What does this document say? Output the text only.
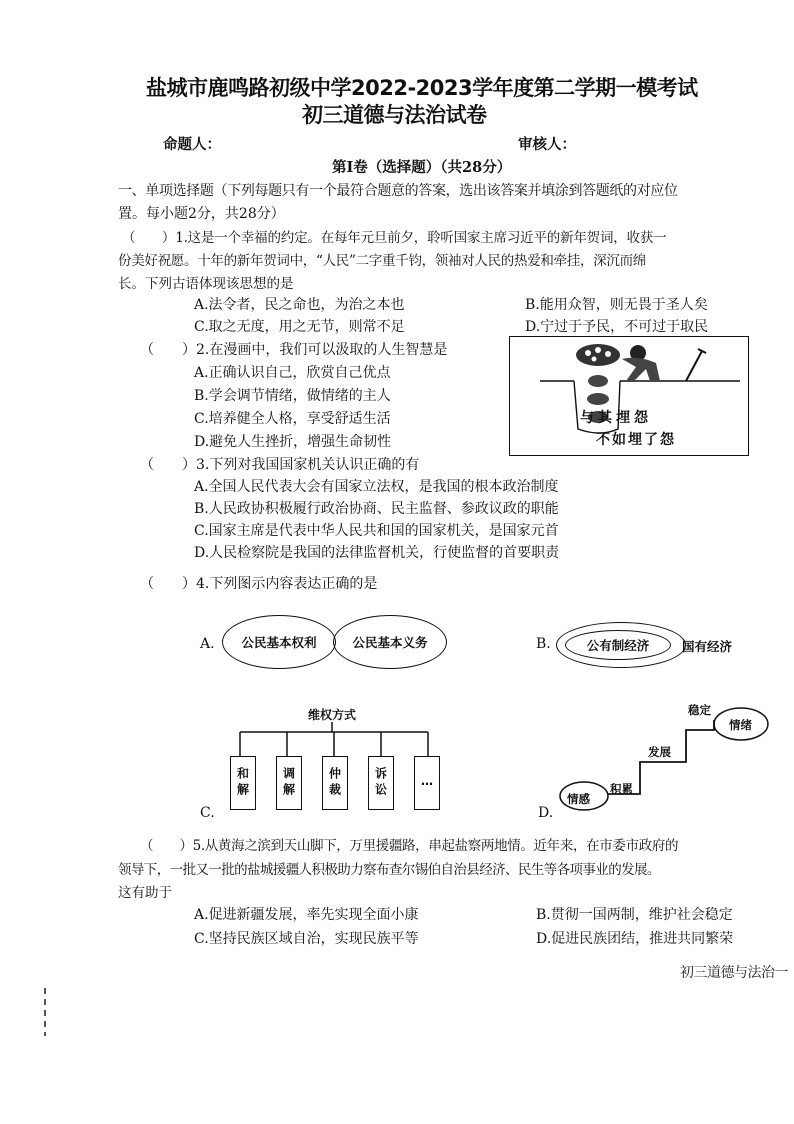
盐城市鹿鸣路初级中学2022-2023学年度第二学期一模考试
初三道德与法治试卷
命题人：	审核人：
第Ⅰ卷（选择题）（共28分）
一、单项选择题（下列每题只有一个最符合题意的答案，选出该答案并填涂到答题纸的对应位
置。每小题2分，共28分）
（　　）1.这是一个幸福的约定。在每年元旦前夕，聆听国家主席习近平的新年贺词，收获一
份美好祝愿。十年的新年贺词中，“人民”二字重千钧，领袖对人民的热爱和牵挂，深沉而绵
长。下列古语体现该思想的是
A.法令者，民之命也，为治之本也	B.能用众智，则无畏于圣人矣
C.取之无度，用之无节，则常不足	D.宁过于予民，不可过于取民
（　　）2.在漫画中，我们可以汲取的人生智慧是
A.正确认识自己，欣赏自己优点
B.学会调节情绪，做情绪的主人
C.培养健全人格，享受舒适生活
D.避免人生挫折，增强生命韧性
与其埋怨
不如埋了怨
（　　）3.下列对我国国家机关认识正确的有
A.全国人民代表大会有国家立法权，是我国的根本政治制度
B.人民政协积极履行政治协商、民主监督、参政议政的职能
C.国家主席是代表中华人民共和国的国家机关，是国家元首
D.人民检察院是我国的法律监督机关，行使监督的首要职责
（　　）4.下列图示内容表达正确的是
A.	公民基本权利	公民基本义务	B.	公有制经济	国有经济
维权方式
和解	调解	仲裁	诉讼	…
C.	D.
情感
积累
发展
稳定
情绪
（　　）5.从黄海之滨到天山脚下，万里援疆路，串起盐察两地情。近年来，在市委市政府的
领导下，一批又一批的盐城援疆人积极助力察布查尔锡伯自治县经济、民生等各项事业的发展。
这有助于
A.促进新疆发展，率先实现全面小康	B.贯彻一国两制，维护社会稳定
C.坚持民族区域自治，实现民族平等	D.促进民族团结，推进共同繁荣
初三道德与法治一
